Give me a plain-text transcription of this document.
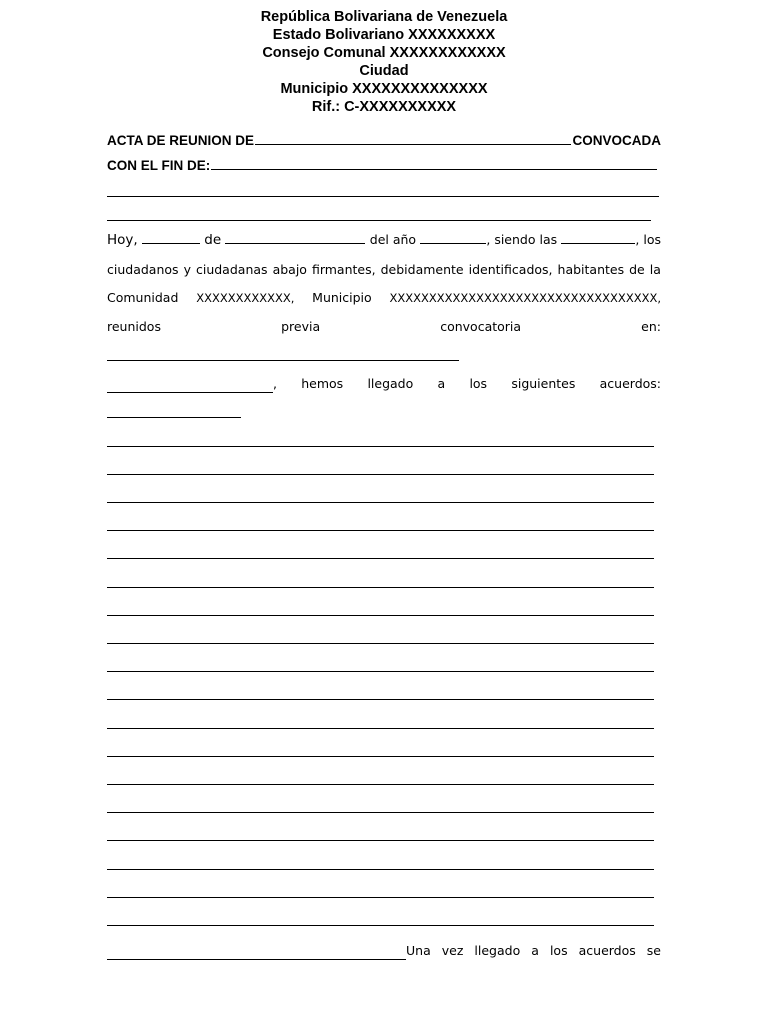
República Bolivariana de Venezuela
Estado Bolivariano XXXXXXXXX
Consejo Comunal XXXXXXXXXXXX
Ciudad
Municipio XXXXXXXXXXXXXX
Rif.: C-XXXXXXXXXX
ACTA DE REUNION DE	CONVOCADA
CON EL FIN DE:
Hoy,	de	del año	, siendo las	, los
ciudadanos y ciudadanas abajo firmantes, debidamente identificados, habitantes de la
Comunidad XXXXXXXXXXXX, Municipio XXXXXXXXXXXXXXXXXXXXXXXXXXXXXXXXXX,
reunidos	previa	convocatoria	en:
, hemos llegado a los siguientes acuerdos:
Una vez llegado a los acuerdos se
